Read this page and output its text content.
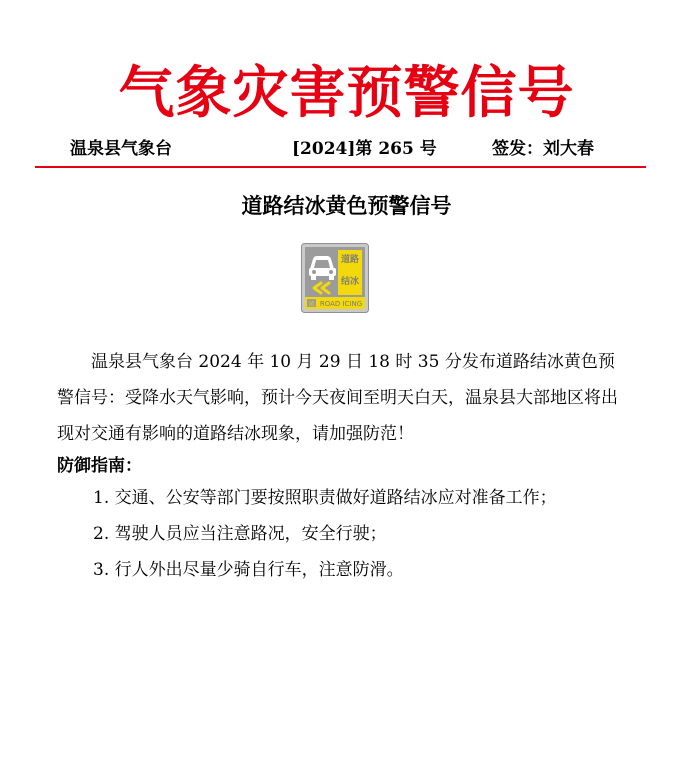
气象灾害预警信号
温泉县气象台	[2024]第 265 号	签发：刘大春
道路结冰黄色预警信号
道路
结冰
黄 ROAD ICING

温泉县气象台 2024 年 10 月 29 日 18 时 35 分发布道路结冰黄色预警信号：受降水天气影响，预计今天夜间至明天白天，温泉县大部地区将出现对交通有影响的道路结冰现象，请加强防范！

防御指南：
1. 交通、公安等部门要按照职责做好道路结冰应对准备工作；
2. 驾驶人员应当注意路况，安全行驶；
3. 行人外出尽量少骑自行车，注意防滑。
